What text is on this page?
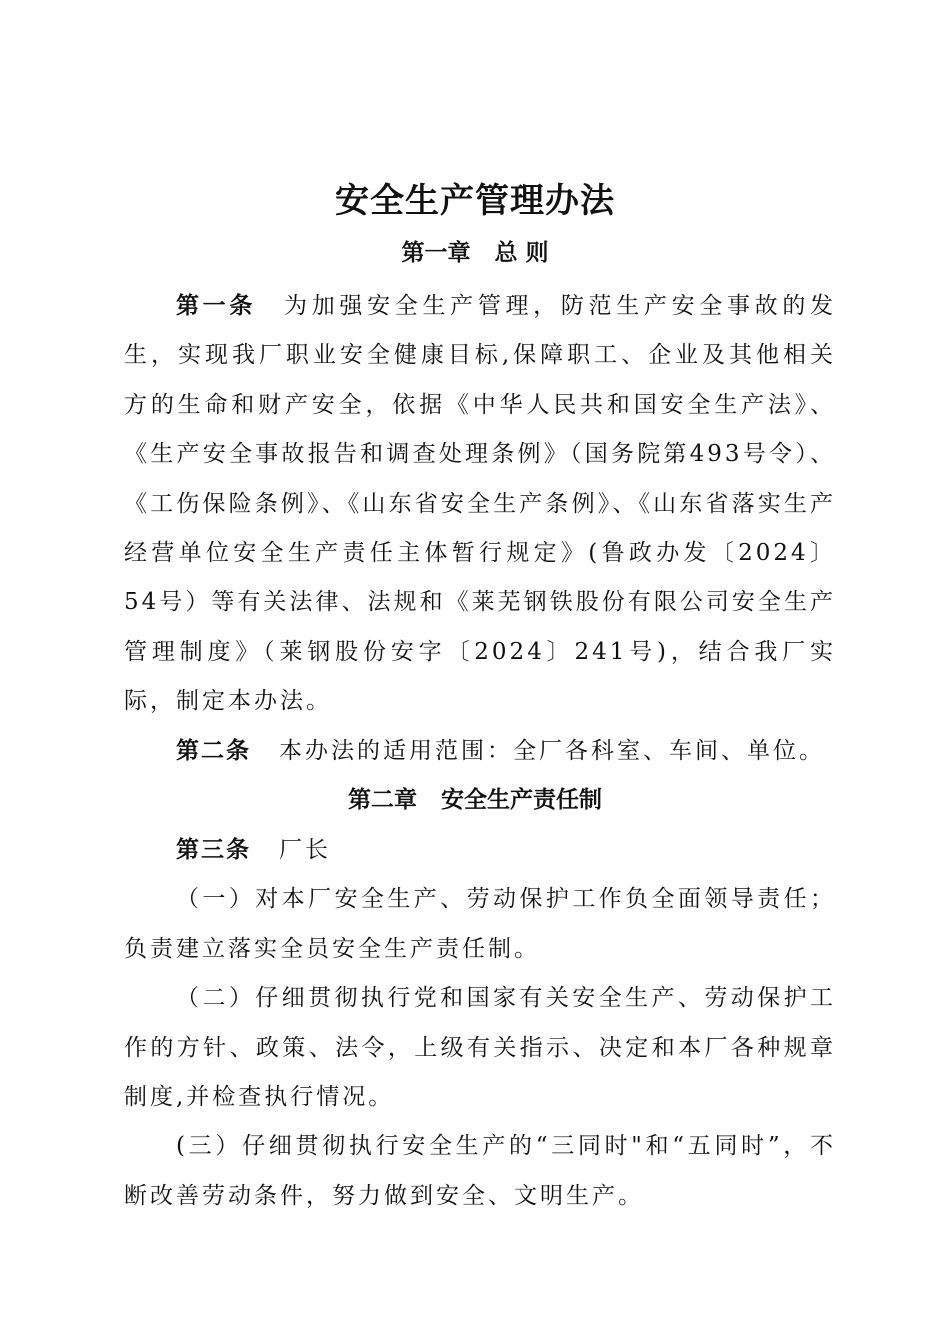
安全生产管理办法
第一章 总 则

第一条 为加强安全生产管理，防范生产安全事故的发生，实现我厂职业安全健康目标,保障职工、企业及其他相关方的生命和财产安全，依据《中华人民共和国安全生产法》、《生产安全事故报告和调查处理条例》（国务院第493号令）、《工伤保险条例》、《山东省安全生产条例》、《山东省落实生产经营单位安全生产责任主体暂行规定》(鲁政办发〔2024〕54号）等有关法律、法规和《莱芜钢铁股份有限公司安全生产管理制度》（莱钢股份安字〔2024〕241号)，结合我厂实际，制定本办法。

第二条 本办法的适用范围：全厂各科室、车间、单位。

第二章 安全生产责任制

第三条 厂长

（一）对本厂安全生产、劳动保护工作负全面领导责任；负责建立落实全员安全生产责任制。

（二）仔细贯彻执行党和国家有关安全生产、劳动保护工作的方针、政策、法令，上级有关指示、决定和本厂各种规章制度,并检查执行情况。

(三）仔细贯彻执行安全生产的“三同时"和“五同时”，不断改善劳动条件，努力做到安全、文明生产。
